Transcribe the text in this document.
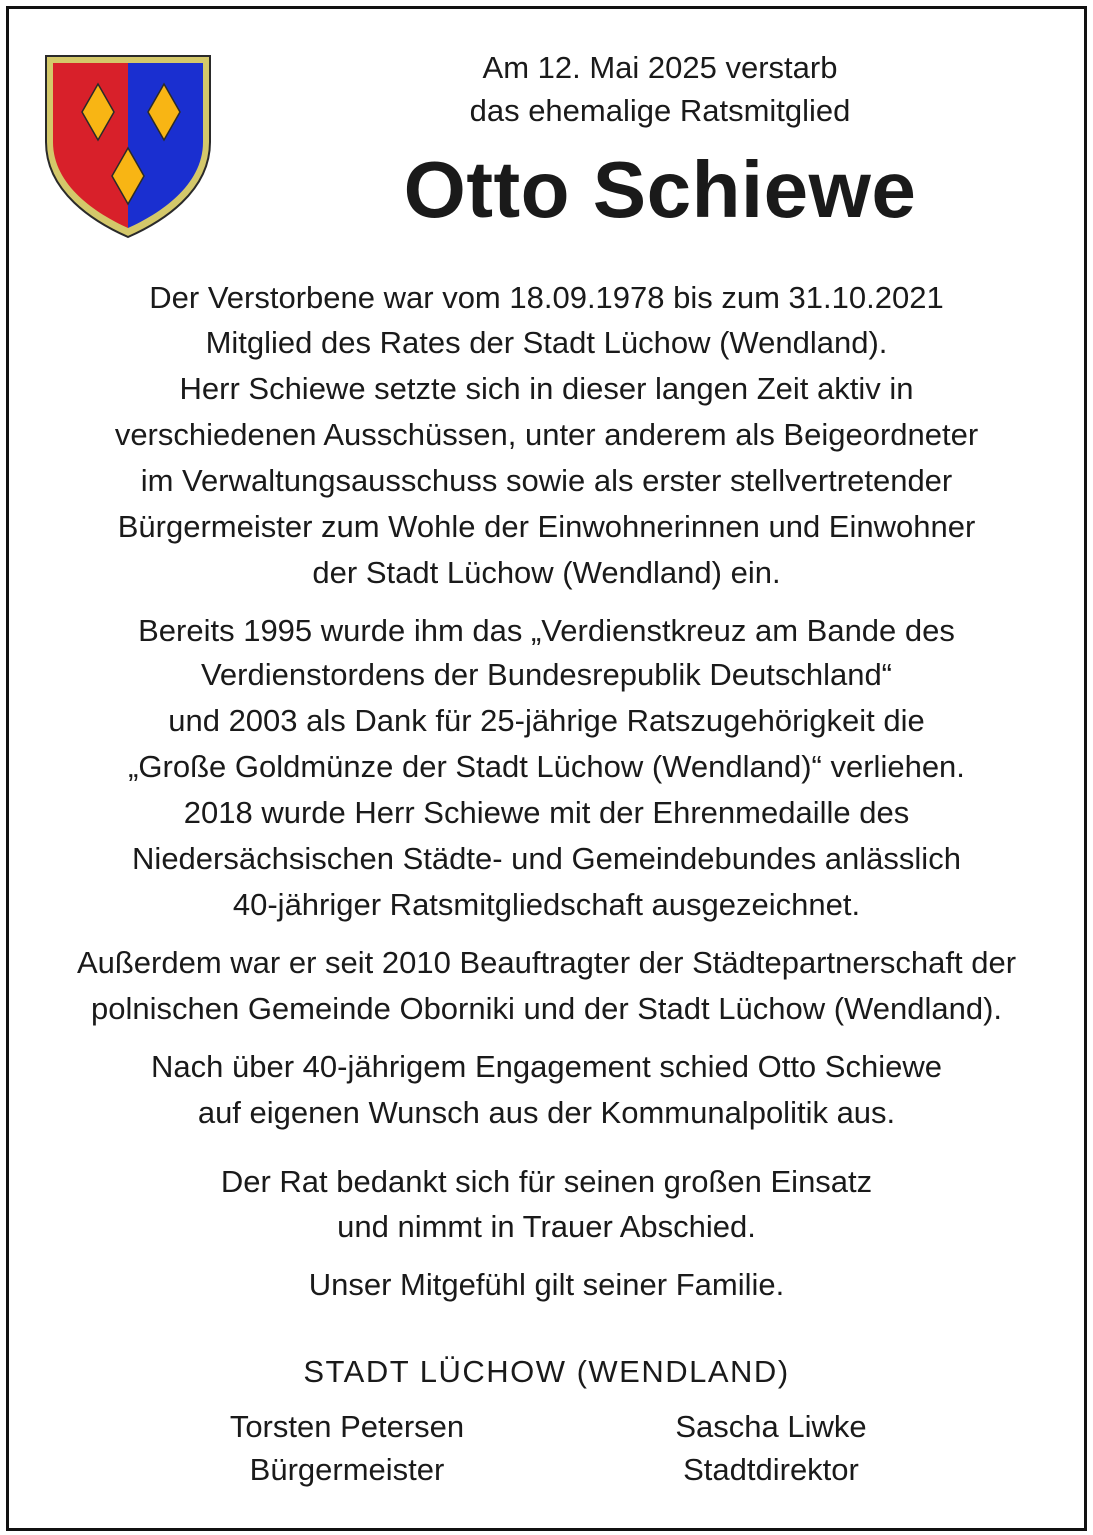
Am 12. Mai 2025 verstarb
das ehemalige Ratsmitglied
Otto Schiewe
Der Verstorbene war vom 18.09.1978 bis zum 31.10.2021
Mitglied des Rates der Stadt Lüchow (Wendland).
Herr Schiewe setzte sich in dieser langen Zeit aktiv in
verschiedenen Ausschüssen, unter anderem als Beigeordneter
im Verwaltungsausschuss sowie als erster stellvertretender
Bürgermeister zum Wohle der Einwohnerinnen und Einwohner
der Stadt Lüchow (Wendland) ein.
Bereits 1995 wurde ihm das „Verdienstkreuz am Bande des
Verdienstordens der Bundesrepublik Deutschland“
und 2003 als Dank für 25-jährige Ratszugehörigkeit die
„Große Goldmünze der Stadt Lüchow (Wendland)“ verliehen.
2018 wurde Herr Schiewe mit der Ehrenmedaille des
Niedersächsischen Städte- und Gemeindebundes anlässlich
40-jähriger Ratsmitgliedschaft ausgezeichnet.
Außerdem war er seit 2010 Beauftragter der Städtepartnerschaft der
polnischen Gemeinde Oborniki und der Stadt Lüchow (Wendland).
Nach über 40-jährigem Engagement schied Otto Schiewe
auf eigenen Wunsch aus der Kommunalpolitik aus.
Der Rat bedankt sich für seinen großen Einsatz
und nimmt in Trauer Abschied.
Unser Mitgefühl gilt seiner Familie.
STADT LÜCHOW (WENDLAND)
Torsten Petersen
Bürgermeister
Sascha Liwke
Stadtdirektor
